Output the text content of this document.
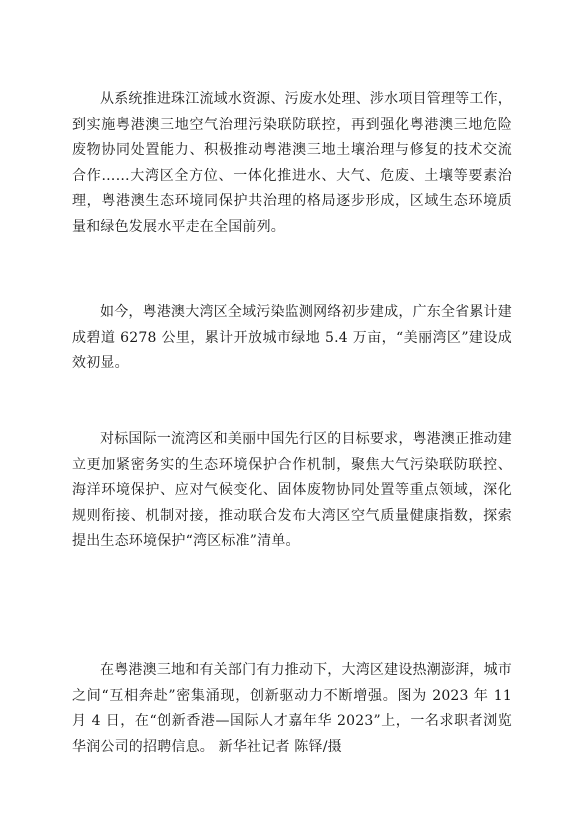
从系统推进珠江流域水资源、污废水处理、涉水项目管理等工作，到实施粤港澳三地空气治理污染联防联控，再到强化粤港澳三地危险废物协同处置能力、积极推动粤港澳三地土壤治理与修复的技术交流合作……大湾区全方位、一体化推进水、大气、危废、土壤等要素治理，粤港澳生态环境同保护共治理的格局逐步形成，区域生态环境质量和绿色发展水平走在全国前列。

如今，粤港澳大湾区全域污染监测网络初步建成，广东全省累计建成碧道 6278 公里，累计开放城市绿地 5.4 万亩，“美丽湾区”建设成效初显。

对标国际一流湾区和美丽中国先行区的目标要求，粤港澳正推动建立更加紧密务实的生态环境保护合作机制，聚焦大气污染联防联控、海洋环境保护、应对气候变化、固体废物协同处置等重点领域，深化规则衔接、机制对接，推动联合发布大湾区空气质量健康指数，探索提出生态环境保护“湾区标准”清单。

在粤港澳三地和有关部门有力推动下，大湾区建设热潮澎湃，城市之间“互相奔赴”密集涌现，创新驱动力不断增强。图为 2023 年 11 月 4 日，在“创新香港—国际人才嘉年华 2023”上，一名求职者浏览华润公司的招聘信息。 新华社记者 陈铎/摄
